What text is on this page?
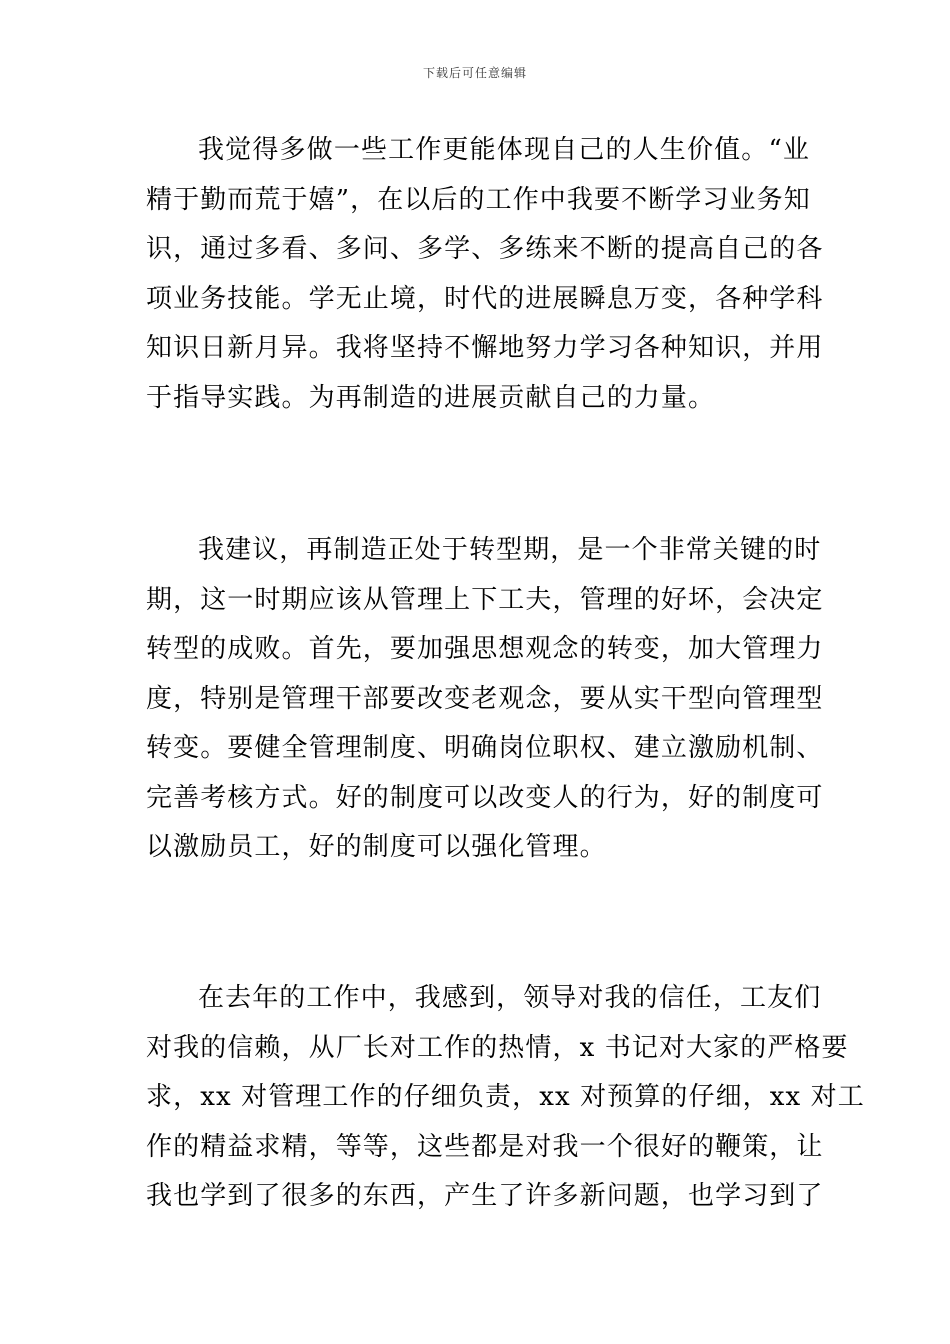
下载后可任意编辑
我觉得多做一些工作更能体现自己的人生价值。“业
精于勤而荒于嬉”，在以后的工作中我要不断学习业务知
识，通过多看、多问、多学、多练来不断的提高自己的各
项业务技能。学无止境，时代的进展瞬息万变，各种学科
知识日新月异。我将坚持不懈地努力学习各种知识，并用
于指导实践。为再制造的进展贡献自己的力量。
我建议，再制造正处于转型期，是一个非常关键的时
期，这一时期应该从管理上下工夫，管理的好坏，会决定
转型的成败。首先，要加强思想观念的转变，加大管理力
度，特别是管理干部要改变老观念，要从实干型向管理型
转变。要健全管理制度、明确岗位职权、建立激励机制、
完善考核方式。好的制度可以改变人的行为，好的制度可
以激励员工，好的制度可以强化管理。
在去年的工作中，我感到，领导对我的信任，工友们
对我的信赖，从厂长对工作的热情，x 书记对大家的严格要
求，xx 对管理工作的仔细负责，xx 对预算的仔细，xx 对工
作的精益求精，等等，这些都是对我一个很好的鞭策，让
我也学到了很多的东西，产生了许多新问题，也学习到了
